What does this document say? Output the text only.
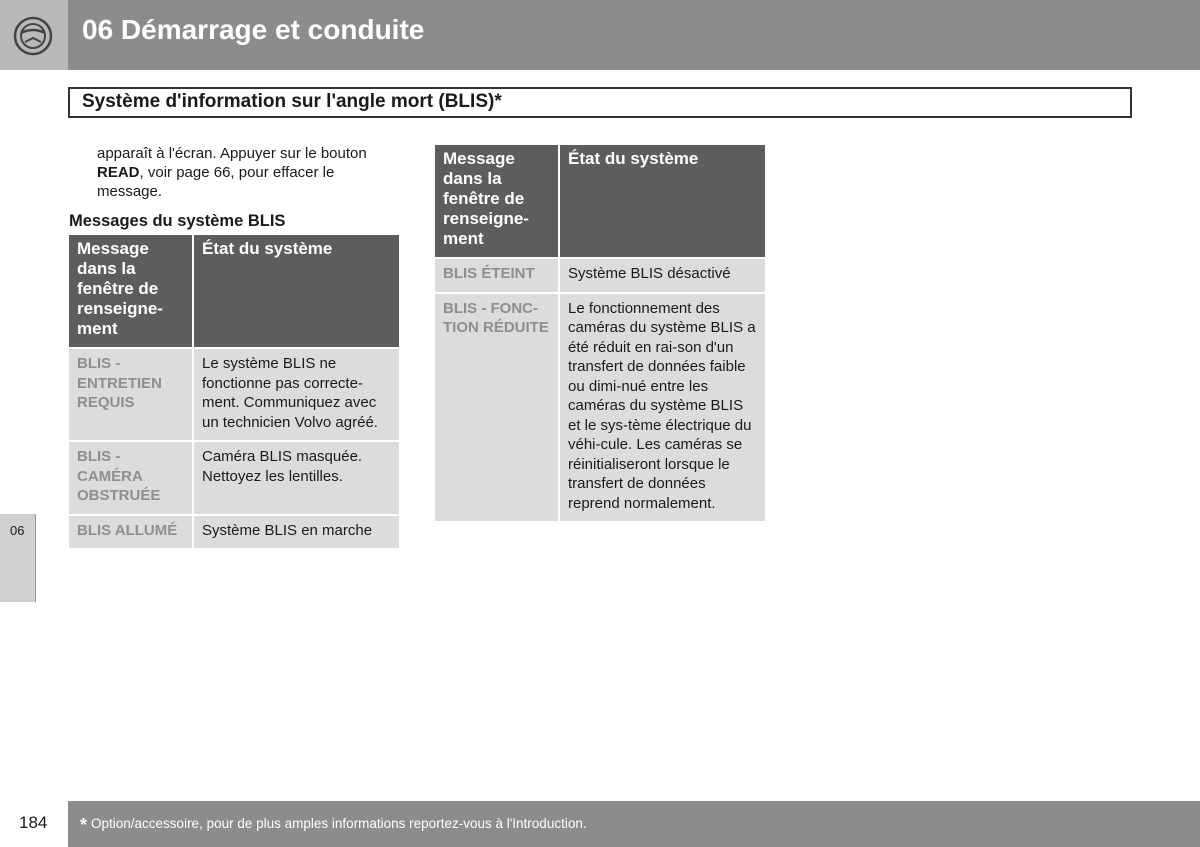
06 Démarrage et conduite
Système d'information sur l'angle mort (BLIS)*
apparaît à l'écran. Appuyer sur le bouton READ, voir page 66, pour effacer le message.
Messages du système BLIS
Message dans la fenêtre de renseigne-ment	État du système
BLIS - ENTRETIEN REQUIS	Le système BLIS ne fonctionne pas correcte-ment. Communiquez avec un technicien Volvo agréé.
BLIS - CAMÉRA OBSTRUÉE	Caméra BLIS masquée. Nettoyez les lentilles.
BLIS ALLUMÉ	Système BLIS en marche
Message dans la fenêtre de renseigne-ment	État du système
BLIS ÉTEINT	Système BLIS désactivé
BLIS - FONC-TION RÉDUITE	Le fonctionnement des caméras du système BLIS a été réduit en rai-son d'un transfert de données faible ou dimi-nué entre les caméras du système BLIS et le sys-tème électrique du véhi-cule. Les caméras se réinitialiseront lorsque le transfert de données reprend normalement.
06
184 * Option/accessoire, pour de plus amples informations reportez-vous à l'Introduction.
